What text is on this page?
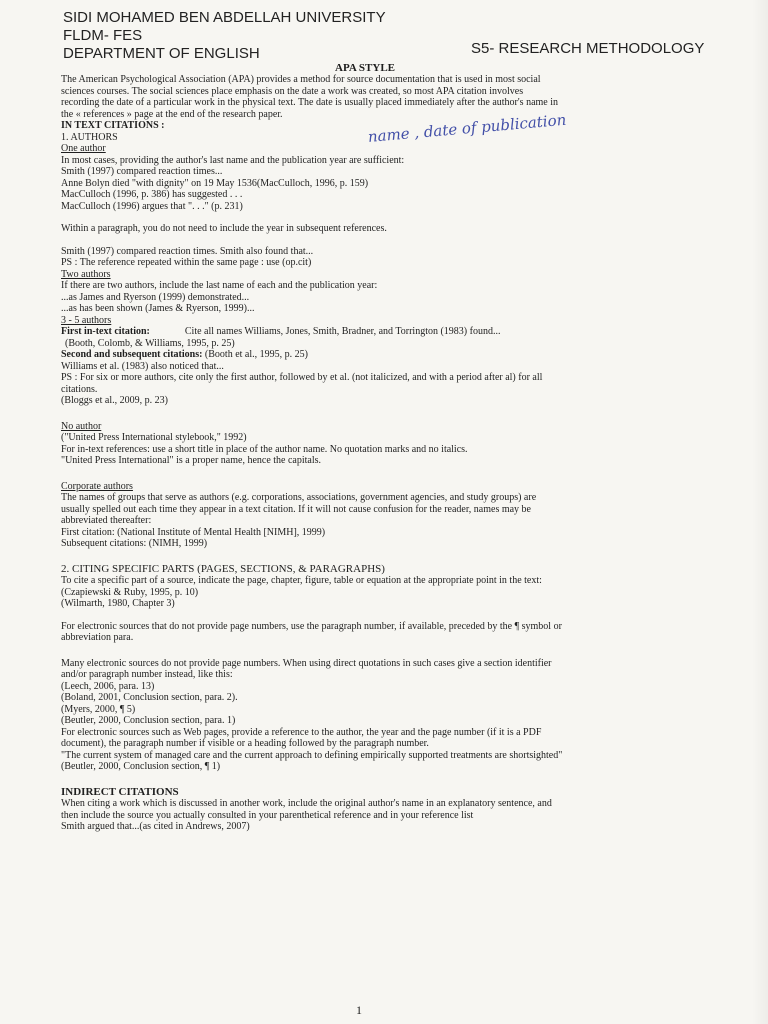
SIDI MOHAMED BEN ABDELLAH UNIVERSITY
FLDM- FES
DEPARTMENT OF ENGLISH	S5- RESEARCH METHODOLOGY
APA STYLE
name , date of publication

The American Psychological Association (APA) provides a method for source documentation that is used in most social

sciences courses. The social sciences place emphasis on the date a work was created, so most APA citation involves

recording the date of a particular work in the physical text. The date is usually placed immediately after the author's name in

the « references » page at the end of the research paper.

IN TEXT CITATIONS :

1. AUTHORS

One author

In most cases, providing the author's last name and the publication year are sufficient:

Smith (1997) compared reaction times...

Anne Bolyn died "with dignity" on 19 May 1536(MacCulloch, 1996, p. 159)

MacCulloch (1996, p. 386) has suggested . . .

MacCulloch (1996) argues that ". . ." (p. 231)

Within a paragraph, you do not need to include the year in subsequent references.

Smith (1997) compared reaction times. Smith also found that...

PS : The reference repeated within the same page : use (op.cit)

Two authors

If there are two authors, include the last name of each and the publication year:

...as James and Ryerson (1999) demonstrated...

...as has been shown (James & Ryerson, 1999)...

3 - 5 authors

First in-text citation:	Cite all names Williams, Jones, Smith, Bradner, and Torrington (1983) found...

(Booth, Colomb, & Williams, 1995, p. 25)

Second and subsequent citations: (Booth et al., 1995, p. 25)

Williams et al. (1983) also noticed that...

PS : For six or more authors, cite only the first author, followed by et al. (not italicized, and with a period after al) for all

citations.

(Bloggs et al., 2009, p. 23)

No author

("United Press International stylebook," 1992)

For in-text references: use a short title in place of the author name. No quotation marks and no italics.

"United Press International" is a proper name, hence the capitals.

Corporate authors

The names of groups that serve as authors (e.g. corporations, associations, government agencies, and study groups) are

usually spelled out each time they appear in a text citation. If it will not cause confusion for the reader, names may be

abbreviated thereafter:

First citation: (National Institute of Mental Health [NIMH], 1999)

Subsequent citations: (NIMH, 1999)

2. CITING SPECIFIC PARTS (PAGES, SECTIONS, & PARAGRAPHS)

To cite a specific part of a source, indicate the page, chapter, figure, table or equation at the appropriate point in the text:

(Czapiewski & Ruby, 1995, p. 10)

(Wilmarth, 1980, Chapter 3)

For electronic sources that do not provide page numbers, use the paragraph number, if available, preceded by the ¶ symbol or

abbreviation para.

Many electronic sources do not provide page numbers. When using direct quotations in such cases give a section identifier

and/or paragraph number instead, like this:

(Leech, 2006, para. 13)

(Boland, 2001, Conclusion section, para. 2).

(Myers, 2000, ¶ 5)

(Beutler, 2000, Conclusion section, para. 1)

For electronic sources such as Web pages, provide a reference to the author, the year and the page number (if it is a PDF

document), the paragraph number if visible or a heading followed by the paragraph number.

"The current system of managed care and the current approach to defining empirically supported treatments are shortsighted"

(Beutler, 2000, Conclusion section, ¶ 1)

INDIRECT CITATIONS

When citing a work which is discussed in another work, include the original author's name in an explanatory sentence, and

then include the source you actually consulted in your parenthetical reference and in your reference list

Smith argued that...(as cited in Andrews, 2007)

1
